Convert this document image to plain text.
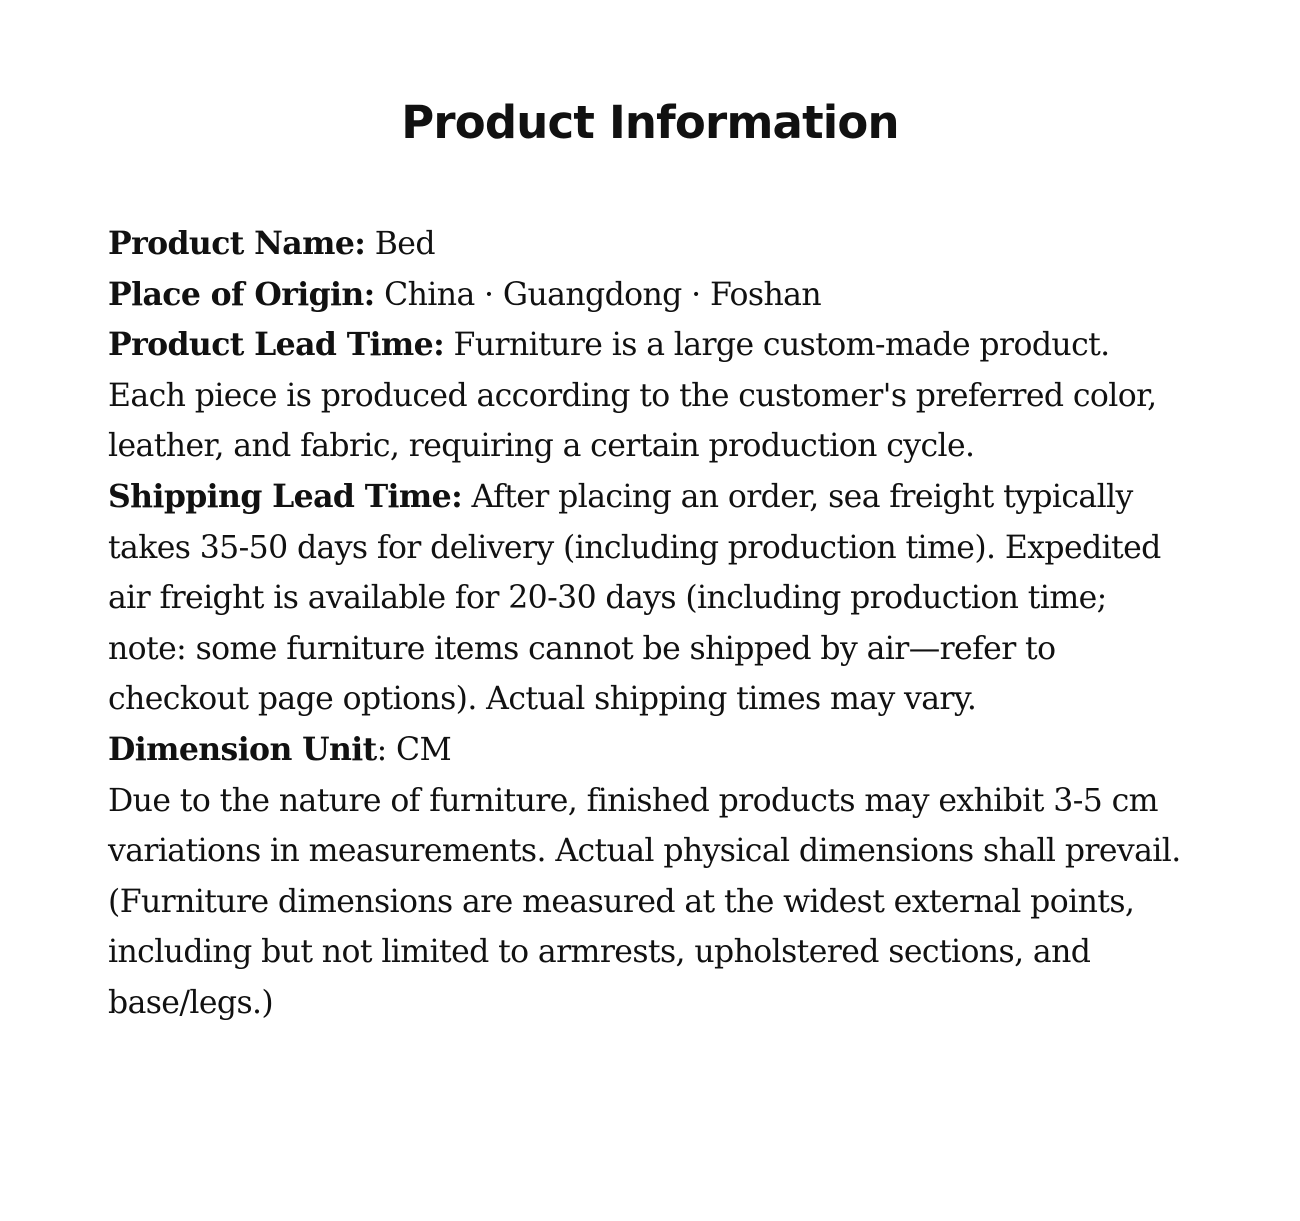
Product Information

Product Name: Bed

Place of Origin: China · Guangdong · Foshan

Product Lead Time: Furniture is a large custom-made product. Each piece is produced according to the customer's preferred color, leather, and fabric, requiring a certain production cycle.

Shipping Lead Time: After placing an order, sea freight typically takes 35-50 days for delivery (including production time). Expedited air freight is available for 20-30 days (including production time; note: some furniture items cannot be shipped by air—refer to checkout page options). Actual shipping times may vary.

Dimension Unit: CM

Due to the nature of furniture, finished products may exhibit 3-5 cm variations in measurements. Actual physical dimensions shall prevail.

(Furniture dimensions are measured at the widest external points, including but not limited to armrests, upholstered sections, and base/legs.)
